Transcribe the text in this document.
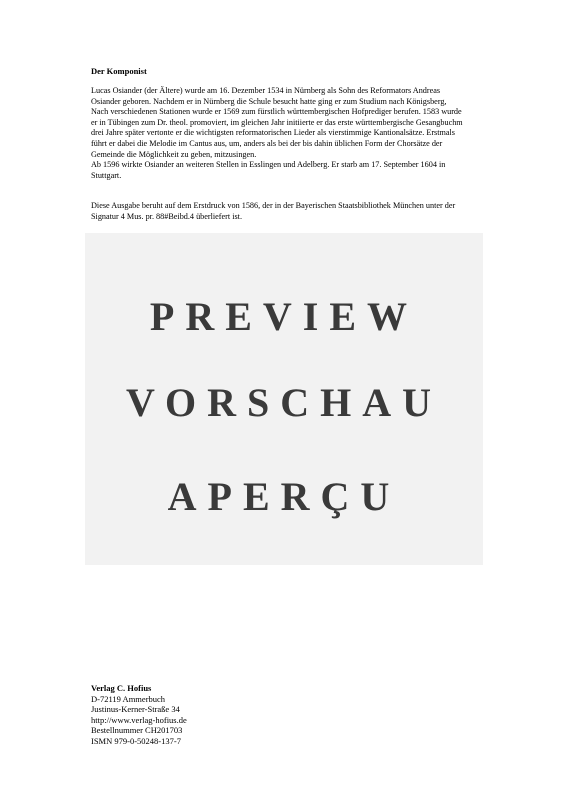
Der Komponist

Lucas Osiander (der Ältere) wurde am 16. Dezember 1534 in Nürnberg als Sohn des Reformators Andreas
Osiander geboren. Nachdem er in Nürnberg die Schule besucht hatte ging er zum Studium nach Königsberg,
Nach verschiedenen Stationen wurde er 1569 zum fürstlich württembergischen Hofprediger berufen. 1583 wurde
er in Tübingen zum Dr. theol. promoviert, im gleichen Jahr initiierte er das erste württembergische Gesangbuchm
drei Jahre später vertonte er die wichtigsten reformatorischen Lieder als vierstimmige Kantionalsätze. Erstmals
führt er dabei die Melodie im Cantus aus, um, anders als bei der bis dahin üblichen Form der Chorsätze der
Gemeinde die Möglichkeit zu geben, mitzusingen.
Ab 1596 wirkte Osiander an weiteren Stellen in Esslingen und Adelberg. Er starb am 17. September 1604 in
Stuttgart.

Diese Ausgabe beruht auf dem Erstdruck von 1586, der in der Bayerischen Staatsbibliothek München unter der
Signatur 4 Mus. pr. 88#Beibd.4 überliefert ist.

PREVIEW
VORSCHAU
APERÇU
Verlag C. Hofius
D-72119 Ammerbuch
Justinus-Kerner-Straße 34
http://www.verlag-hofius.de
Bestellnummer CH201703
ISMN 979-0-50248-137-7
